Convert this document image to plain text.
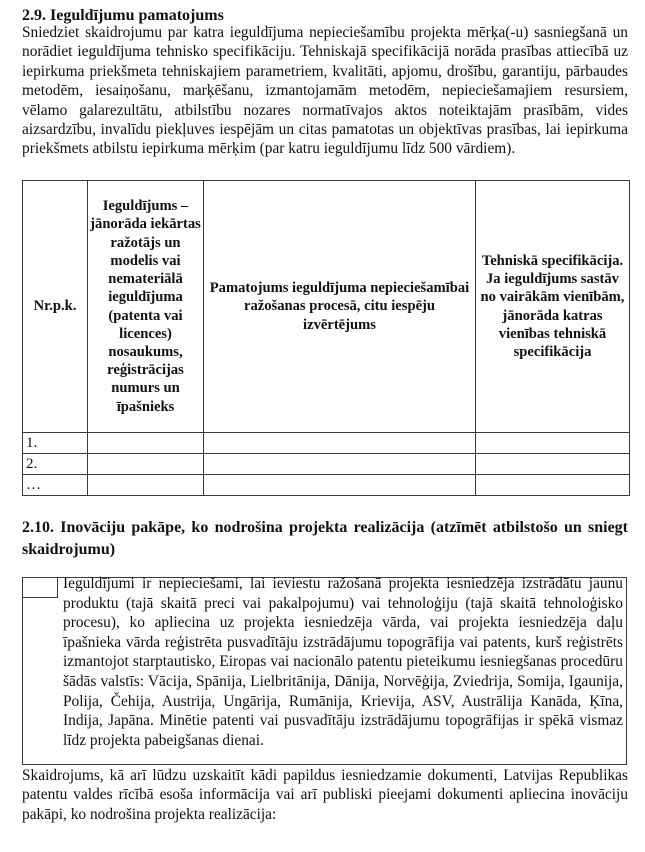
2.9. Ieguldījumu pamatojums
Sniedziet skaidrojumu par katra ieguldījuma nepieciešamību projekta mērķa(-u) sasniegšanā un norādiet ieguldījuma tehnisko specifikāciju. Tehniskajā specifikācijā norāda prasības attiecībā uz iepirkuma priekšmeta tehniskajiem parametriem, kvalitāti, apjomu, drošību, garantiju, pārbaudes metodēm, iesaiņošanu, marķēšanu, izmantojamām metodēm, nepieciešamajiem resursiem, vēlamo galarezultātu, atbilstību nozares normatīvajos aktos noteiktajām prasībām, vides aizsardzību, invalīdu piekļuves iespējām un citas pamatotas un objektīvas prasības, lai iepirkuma priekšmets atbilstu iepirkuma mērķim (par katru ieguldījumu līdz 500 vārdiem).
Nr.p.k.	Ieguldījums – jānorāda iekārtas ražotājs un modelis vai nemateriālā ieguldījuma (patenta vai licences) nosaukums, reģistrācijas numurs un īpašnieks	Pamatojums ieguldījuma nepieciešamībai ražošanas procesā, citu iespēju izvērtējums	Tehniskā specifikācija. Ja ieguldījums sastāv no vairākām vienībām, jānorāda katras vienības tehniskā specifikācija
1.			
2.			
…			
2.10. Inovāciju pakāpe, ko nodrošina projekta realizācija (atzīmēt atbilstošo un sniegt skaidrojumu)
Ieguldījumi ir nepieciešami, lai ieviestu ražošanā projekta iesniedzēja izstrādātu jaunu produktu (tajā skaitā preci vai pakalpojumu) vai tehnoloģiju (tajā skaitā tehnoloģisko procesu), ko apliecina uz projekta iesniedzēja vārda, vai projekta iesniedzēja daļu īpašnieka vārda reģistrēta pusvadītāju izstrādājumu topogrāfija vai patents, kurš reģistrēts izmantojot starptautisko, Eiropas vai nacionālo patentu pieteikumu iesniegšanas procedūru šādās valstīs: Vācija, Spānija, Lielbritānija, Dānija, Norvēģija, Zviedrija, Somija, Igaunija, Polija, Čehija, Austrija, Ungārija, Rumānija, Krievija, ASV, Austrālija Kanāda, Ķīna, Indija, Japāna. Minētie patenti vai pusvadītāju izstrādājumu topogrāfijas ir spēkā vismaz līdz projekta pabeigšanas dienai.
Skaidrojums, kā arī lūdzu uzskaitīt kādi papildus iesniedzamie dokumenti, Latvijas Republikas patentu valdes rīcībā esoša informācija vai arī publiski pieejami dokumenti apliecina inovāciju pakāpi, ko nodrošina projekta realizācija:
